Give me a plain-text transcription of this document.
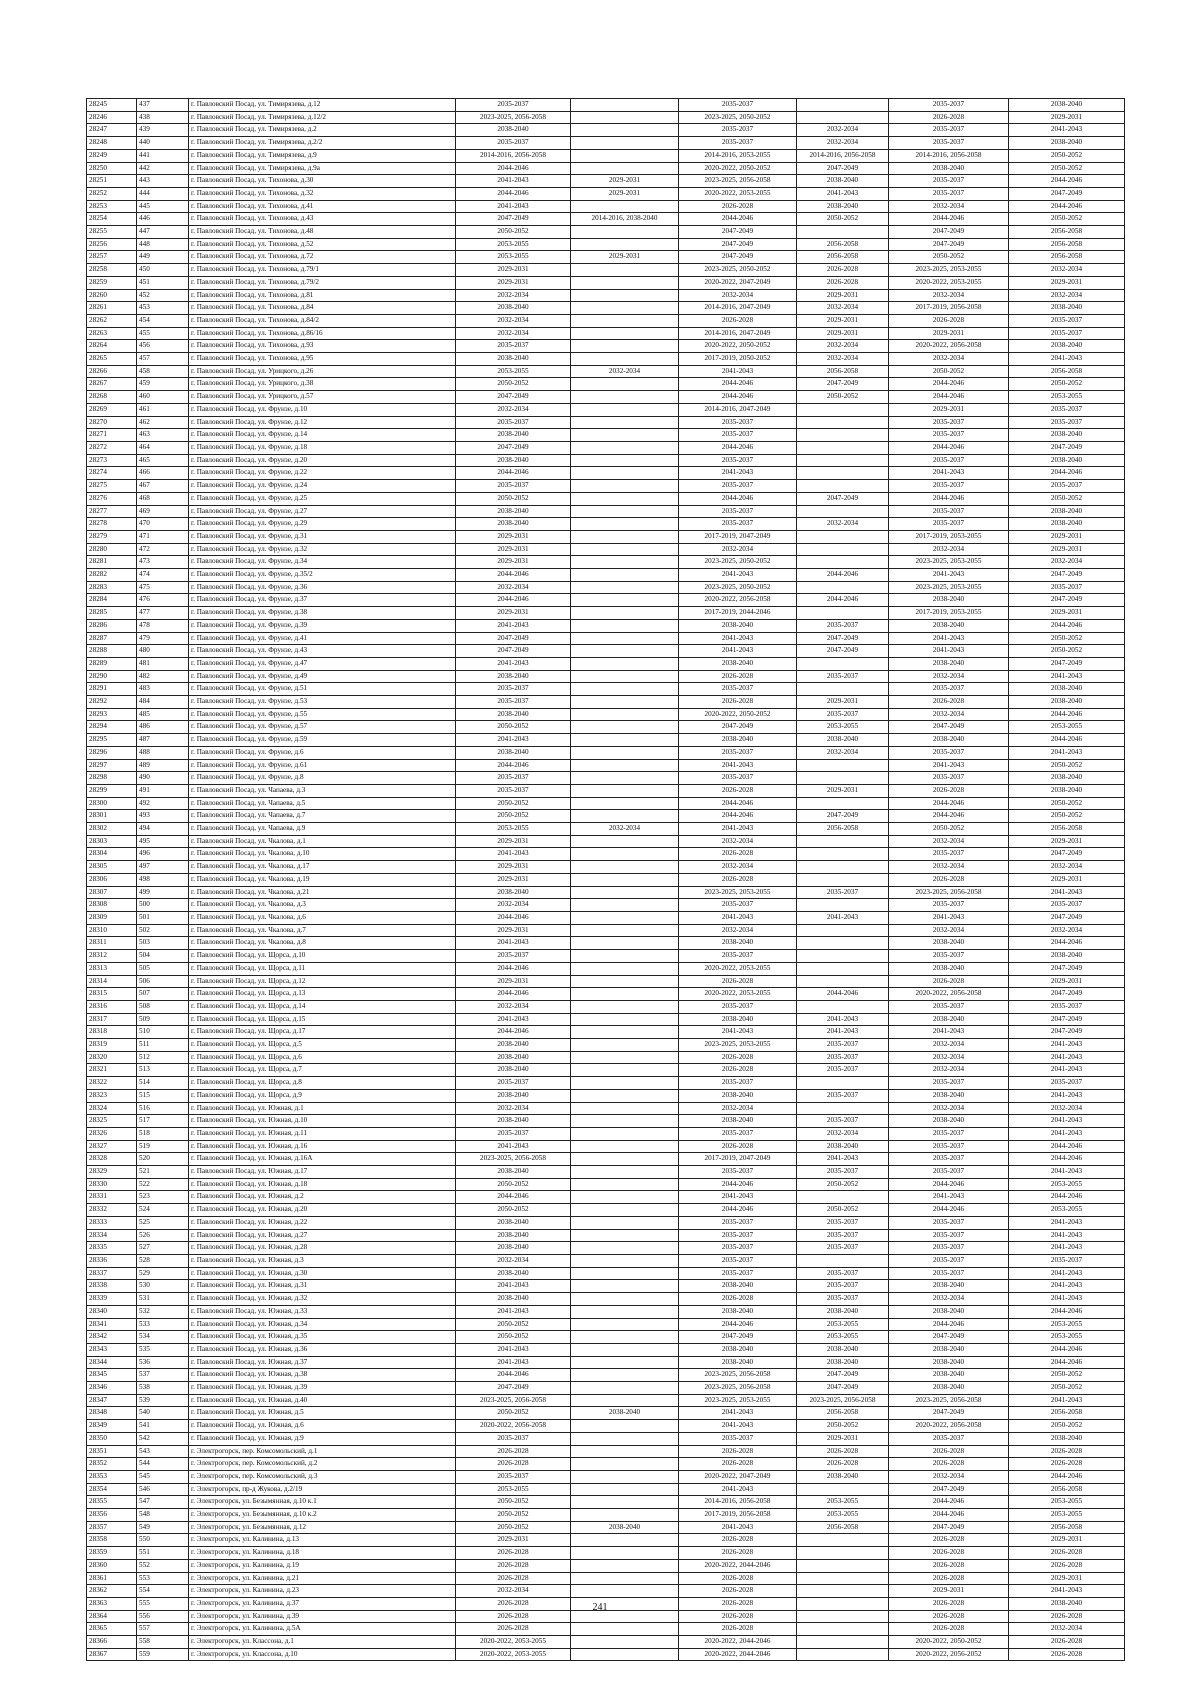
28245	437	г. Павловский Посад, ул. Тимирязева, д.12	2035-2037		2035-2037		2035-2037	2038-2040
28246	438	г. Павловский Посад, ул. Тимирязева, д.12/2	2023-2025, 2056-2058		2023-2025, 2050-2052		2026-2028	2029-2031
28247	439	г. Павловский Посад, ул. Тимирязева, д.2	2038-2040		2035-2037	2032-2034	2035-2037	2041-2043
28248	440	г. Павловский Посад, ул. Тимирязева, д.2/2	2035-2037		2035-2037	2032-2034	2035-2037	2038-2040
28249	441	г. Павловский Посад, ул. Тимирязева, д.9	2014-2016, 2056-2058		2014-2016, 2053-2055	2014-2016, 2056-2058	2014-2016, 2056-2058	2050-2052
28250	442	г. Павловский Посад, ул. Тимирязева, д.9а	2044-2046		2020-2022, 2050-2052	2047-2049	2038-2040	2050-2052
28251	443	г. Павловский Посад, ул. Тихонова, д.30	2041-2043	2029-2031	2023-2025, 2056-2058	2038-2040	2035-2037	2044-2046
28252	444	г. Павловский Посад, ул. Тихонова, д.32	2044-2046	2029-2031	2020-2022, 2053-2055	2041-2043	2035-2037	2047-2049
28253	445	г. Павловский Посад, ул. Тихонова, д.41	2041-2043		2026-2028	2038-2040	2032-2034	2044-2046
28254	446	г. Павловский Посад, ул. Тихонова, д.43	2047-2049	2014-2016, 2038-2040	2044-2046	2050-2052	2044-2046	2050-2052
28255	447	г. Павловский Посад, ул. Тихонова, д.48	2050-2052		2047-2049		2047-2049	2056-2058
28256	448	г. Павловский Посад, ул. Тихонова, д.52	2053-2055		2047-2049	2056-2058	2047-2049	2056-2058
28257	449	г. Павловский Посад, ул. Тихонова, д.72	2053-2055	2029-2031	2047-2049	2056-2058	2050-2052	2056-2058
28258	450	г. Павловский Посад, ул. Тихонова, д.79/1	2029-2031		2023-2025, 2050-2052	2026-2028	2023-2025, 2053-2055	2032-2034
28259	451	г. Павловский Посад, ул. Тихонова, д.79/2	2029-2031		2020-2022, 2047-2049	2026-2028	2020-2022, 2053-2055	2029-2031
28260	452	г. Павловский Посад, ул. Тихонова, д.81	2032-2034		2032-2034	2029-2031	2032-2034	2032-2034
28261	453	г. Павловский Посад, ул. Тихонова, д.84	2038-2040		2014-2016, 2047-2049	2032-2034	2017-2019, 2056-2058	2038-2040
28262	454	г. Павловский Посад, ул. Тихонова, д.84/2	2032-2034		2026-2028	2029-2031	2026-2028	2035-2037
28263	455	г. Павловский Посад, ул. Тихонова, д.86/16	2032-2034		2014-2016, 2047-2049	2029-2031	2029-2031	2035-2037
28264	456	г. Павловский Посад, ул. Тихонова, д.93	2035-2037		2020-2022, 2050-2052	2032-2034	2020-2022, 2056-2058	2038-2040
28265	457	г. Павловский Посад, ул. Тихонова, д.95	2038-2040		2017-2019, 2050-2052	2032-2034	2032-2034	2041-2043
28266	458	г. Павловский Посад, ул. Урицкого, д.26	2053-2055	2032-2034	2041-2043	2056-2058	2050-2052	2056-2058
28267	459	г. Павловский Посад, ул. Урицкого, д.38	2050-2052		2044-2046	2047-2049	2044-2046	2050-2052
28268	460	г. Павловский Посад, ул. Урицкого, д.57	2047-2049		2044-2046	2050-2052	2044-2046	2053-2055
28269	461	г. Павловский Посад, ул. Фрунзе, д.10	2032-2034		2014-2016, 2047-2049		2029-2031	2035-2037
28270	462	г. Павловский Посад, ул. Фрунзе, д.12	2035-2037		2035-2037		2035-2037	2035-2037
28271	463	г. Павловский Посад, ул. Фрунзе, д.14	2038-2040		2035-2037		2035-2037	2038-2040
28272	464	г. Павловский Посад, ул. Фрунзе, д.18	2047-2049		2044-2046		2044-2046	2047-2049
28273	465	г. Павловский Посад, ул. Фрунзе, д.20	2038-2040		2035-2037		2035-2037	2038-2040
28274	466	г. Павловский Посад, ул. Фрунзе, д.22	2044-2046		2041-2043		2041-2043	2044-2046
28275	467	г. Павловский Посад, ул. Фрунзе, д.24	2035-2037		2035-2037		2035-2037	2035-2037
28276	468	г. Павловский Посад, ул. Фрунзе, д.25	2050-2052		2044-2046	2047-2049	2044-2046	2050-2052
28277	469	г. Павловский Посад, ул. Фрунзе, д.27	2038-2040		2035-2037		2035-2037	2038-2040
28278	470	г. Павловский Посад, ул. Фрунзе, д.29	2038-2040		2035-2037	2032-2034	2035-2037	2038-2040
28279	471	г. Павловский Посад, ул. Фрунзе, д.31	2029-2031		2017-2019, 2047-2049		2017-2019, 2053-2055	2029-2031
28280	472	г. Павловский Посад, ул. Фрунзе, д.32	2029-2031		2032-2034		2032-2034	2029-2031
28281	473	г. Павловский Посад, ул. Фрунзе, д.34	2029-2031		2023-2025, 2050-2052		2023-2025, 2053-2055	2032-2034
28282	474	г. Павловский Посад, ул. Фрунзе, д.35/2	2044-2046		2041-2043	2044-2046	2041-2043	2047-2049
28283	475	г. Павловский Посад, ул. Фрунзе, д.36	2032-2034		2023-2025, 2050-2052		2023-2025, 2053-2055	2035-2037
28284	476	г. Павловский Посад, ул. Фрунзе, д.37	2044-2046		2020-2022, 2056-2058	2044-2046	2038-2040	2047-2049
28285	477	г. Павловский Посад, ул. Фрунзе, д.38	2029-2031		2017-2019, 2044-2046		2017-2019, 2053-2055	2029-2031
28286	478	г. Павловский Посад, ул. Фрунзе, д.39	2041-2043		2038-2040	2035-2037	2038-2040	2044-2046
28287	479	г. Павловский Посад, ул. Фрунзе, д.41	2047-2049		2041-2043	2047-2049	2041-2043	2050-2052
28288	480	г. Павловский Посад, ул. Фрунзе, д.43	2047-2049		2041-2043	2047-2049	2041-2043	2050-2052
28289	481	г. Павловский Посад, ул. Фрунзе, д.47	2041-2043		2038-2040		2038-2040	2047-2049
28290	482	г. Павловский Посад, ул. Фрунзе, д.49	2038-2040		2026-2028	2035-2037	2032-2034	2041-2043
28291	483	г. Павловский Посад, ул. Фрунзе, д.51	2035-2037		2035-2037		2035-2037	2038-2040
28292	484	г. Павловский Посад, ул. Фрунзе, д.53	2035-2037		2026-2028	2029-2031	2026-2028	2038-2040
28293	485	г. Павловский Посад, ул. Фрунзе, д.55	2038-2040		2020-2022, 2050-2052	2035-2037	2032-2034	2044-2046
28294	486	г. Павловский Посад, ул. Фрунзе, д.57	2050-2052		2047-2049	2053-2055	2047-2049	2053-2055
28295	487	г. Павловский Посад, ул. Фрунзе, д.59	2041-2043		2038-2040	2038-2040	2038-2040	2044-2046
28296	488	г. Павловский Посад, ул. Фрунзе, д.6	2038-2040		2035-2037	2032-2034	2035-2037	2041-2043
28297	489	г. Павловский Посад, ул. Фрунзе, д.61	2044-2046		2041-2043		2041-2043	2050-2052
28298	490	г. Павловский Посад, ул. Фрунзе, д.8	2035-2037		2035-2037		2035-2037	2038-2040
28299	491	г. Павловский Посад, ул. Чапаева, д.3	2035-2037		2026-2028	2029-2031	2026-2028	2038-2040
28300	492	г. Павловский Посад, ул. Чапаева, д.5	2050-2052		2044-2046		2044-2046	2050-2052
28301	493	г. Павловский Посад, ул. Чапаева, д.7	2050-2052		2044-2046	2047-2049	2044-2046	2050-2052
28302	494	г. Павловский Посад, ул. Чапаева, д.9	2053-2055	2032-2034	2041-2043	2056-2058	2050-2052	2056-2058
28303	495	г. Павловский Посад, ул. Чкалова, д.1	2029-2031		2032-2034		2032-2034	2029-2031
28304	496	г. Павловский Посад, ул. Чкалова, д.10	2041-2043		2026-2028		2035-2037	2047-2049
28305	497	г. Павловский Посад, ул. Чкалова, д.17	2029-2031		2032-2034		2032-2034	2032-2034
28306	498	г. Павловский Посад, ул. Чкалова, д.19	2029-2031		2026-2028		2026-2028	2029-2031
28307	499	г. Павловский Посад, ул. Чкалова, д.21	2038-2040		2023-2025, 2053-2055	2035-2037	2023-2025, 2056-2058	2041-2043
28308	500	г. Павловский Посад, ул. Чкалова, д.3	2032-2034		2035-2037		2035-2037	2035-2037
28309	501	г. Павловский Посад, ул. Чкалова, д.6	2044-2046		2041-2043	2041-2043	2041-2043	2047-2049
28310	502	г. Павловский Посад, ул. Чкалова, д.7	2029-2031		2032-2034		2032-2034	2032-2034
28311	503	г. Павловский Посад, ул. Чкалова, д.8	2041-2043		2038-2040		2038-2040	2044-2046
28312	504	г. Павловский Посад, ул. Щорса, д.10	2035-2037		2035-2037		2035-2037	2038-2040
28313	505	г. Павловский Посад, ул. Щорса, д.11	2044-2046		2020-2022, 2053-2055		2038-2040	2047-2049
28314	506	г. Павловский Посад, ул. Щорса, д.12	2029-2031		2026-2028		2026-2028	2029-2031
28315	507	г. Павловский Посад, ул. Щорса, д.13	2044-2046		2020-2022, 2053-2055	2044-2046	2020-2022, 2056-2058	2047-2049
28316	508	г. Павловский Посад, ул. Щорса, д.14	2032-2034		2035-2037		2035-2037	2035-2037
28317	509	г. Павловский Посад, ул. Щорса, д.15	2041-2043		2038-2040	2041-2043	2038-2040	2047-2049
28318	510	г. Павловский Посад, ул. Щорса, д.17	2044-2046		2041-2043	2041-2043	2041-2043	2047-2049
28319	511	г. Павловский Посад, ул. Щорса, д.5	2038-2040		2023-2025, 2053-2055	2035-2037	2032-2034	2041-2043
28320	512	г. Павловский Посад, ул. Щорса, д.6	2038-2040		2026-2028	2035-2037	2032-2034	2041-2043
28321	513	г. Павловский Посад, ул. Щорса, д.7	2038-2040		2026-2028	2035-2037	2032-2034	2041-2043
28322	514	г. Павловский Посад, ул. Щорса, д.8	2035-2037		2035-2037		2035-2037	2035-2037
28323	515	г. Павловский Посад, ул. Щорса, д.9	2038-2040		2038-2040	2035-2037	2038-2040	2041-2043
28324	516	г. Павловский Посад, ул. Южная, д.1	2032-2034		2032-2034		2032-2034	2032-2034
28325	517	г. Павловский Посад, ул. Южная, д.10	2038-2040		2038-2040	2035-2037	2038-2040	2041-2043
28326	518	г. Павловский Посад, ул. Южная, д.11	2035-2037		2035-2037	2032-2034	2035-2037	2041-2043
28327	519	г. Павловский Посад, ул. Южная, д.16	2041-2043		2026-2028	2038-2040	2035-2037	2044-2046
28328	520	г. Павловский Посад, ул. Южная, д.16А	2023-2025, 2056-2058		2017-2019, 2047-2049	2041-2043	2035-2037	2044-2046
28329	521	г. Павловский Посад, ул. Южная, д.17	2038-2040		2035-2037	2035-2037	2035-2037	2041-2043
28330	522	г. Павловский Посад, ул. Южная, д.18	2050-2052		2044-2046	2050-2052	2044-2046	2053-2055
28331	523	г. Павловский Посад, ул. Южная, д.2	2044-2046		2041-2043		2041-2043	2044-2046
28332	524	г. Павловский Посад, ул. Южная, д.20	2050-2052		2044-2046	2050-2052	2044-2046	2053-2055
28333	525	г. Павловский Посад, ул. Южная, д.22	2038-2040		2035-2037	2035-2037	2035-2037	2041-2043
28334	526	г. Павловский Посад, ул. Южная, д.27	2038-2040		2035-2037	2035-2037	2035-2037	2041-2043
28335	527	г. Павловский Посад, ул. Южная, д.28	2038-2040		2035-2037	2035-2037	2035-2037	2041-2043
28336	528	г. Павловский Посад, ул. Южная, д.3	2032-2034		2035-2037		2035-2037	2035-2037
28337	529	г. Павловский Посад, ул. Южная, д.30	2038-2040		2035-2037	2035-2037	2035-2037	2041-2043
28338	530	г. Павловский Посад, ул. Южная, д.31	2041-2043		2038-2040	2035-2037	2038-2040	2041-2043
28339	531	г. Павловский Посад, ул. Южная, д.32	2038-2040		2026-2028	2035-2037	2032-2034	2041-2043
28340	532	г. Павловский Посад, ул. Южная, д.33	2041-2043		2038-2040	2038-2040	2038-2040	2044-2046
28341	533	г. Павловский Посад, ул. Южная, д.34	2050-2052		2044-2046	2053-2055	2044-2046	2053-2055
28342	534	г. Павловский Посад, ул. Южная, д.35	2050-2052		2047-2049	2053-2055	2047-2049	2053-2055
28343	535	г. Павловский Посад, ул. Южная, д.36	2041-2043		2038-2040	2038-2040	2038-2040	2044-2046
28344	536	г. Павловский Посад, ул. Южная, д.37	2041-2043		2038-2040	2038-2040	2038-2040	2044-2046
28345	537	г. Павловский Посад, ул. Южная, д.38	2044-2046		2023-2025, 2056-2058	2047-2049	2038-2040	2050-2052
28346	538	г. Павловский Посад, ул. Южная, д.39	2047-2049		2023-2025, 2056-2058	2047-2049	2038-2040	2050-2052
28347	539	г. Павловский Посад, ул. Южная, д.40	2023-2025, 2056-2058		2023-2025, 2053-2055	2023-2025, 2056-2058	2023-2025, 2056-2058	2041-2043
28348	540	г. Павловский Посад, ул. Южная, д.5	2050-2052	2038-2040	2041-2043	2056-2058	2047-2049	2056-2058
28349	541	г. Павловский Посад, ул. Южная, д.6	2020-2022, 2056-2058		2041-2043	2050-2052	2020-2022, 2056-2058	2050-2052
28350	542	г. Павловский Посад, ул. Южная, д.9	2035-2037		2035-2037	2029-2031	2035-2037	2038-2040
28351	543	г. Электрогорск, пер. Комсомольский, д.1	2026-2028		2026-2028	2026-2028	2026-2028	2026-2028
28352	544	г. Электрогорск, пер. Комсомольский, д.2	2026-2028		2026-2028	2026-2028	2026-2028	2026-2028
28353	545	г. Электрогорск, пер. Комсомольский, д.3	2035-2037		2020-2022, 2047-2049	2038-2040	2032-2034	2044-2046
28354	546	г. Электрогорск, пр-д Жукова, д.2/19	2053-2055		2041-2043		2047-2049	2056-2058
28355	547	г. Электрогорск, ул. Безымянная, д.10 к.1	2050-2052		2014-2016, 2056-2058	2053-2055	2044-2046	2053-2055
28356	548	г. Электрогорск, ул. Безымянная, д.10 к.2	2050-2052		2017-2019, 2056-2058	2053-2055	2044-2046	2053-2055
28357	549	г. Электрогорск, ул. Безымянная, д.12	2050-2052	2038-2040	2041-2043	2056-2058	2047-2049	2056-2058
28358	550	г. Электрогорск, ул. Калинина, д.13	2029-2031		2026-2028		2026-2028	2029-2031
28359	551	г. Электрогорск, ул. Калинина, д.18	2026-2028		2026-2028		2026-2028	2026-2028
28360	552	г. Электрогорск, ул. Калинина, д.19	2026-2028		2020-2022, 2044-2046		2026-2028	2026-2028
28361	553	г. Электрогорск, ул. Калинина, д.21	2026-2028		2026-2028		2026-2028	2029-2031
28362	554	г. Электрогорск, ул. Калинина, д.23	2032-2034		2026-2028		2029-2031	2041-2043
28363	555	г. Электрогорск, ул. Калинина, д.37	2026-2028		2026-2028		2026-2028	2038-2040
28364	556	г. Электрогорск, ул. Калинина, д.39	2026-2028		2026-2028		2026-2028	2026-2028
28365	557	г. Электрогорск, ул. Калинина, д.5А	2026-2028		2026-2028		2026-2028	2032-2034
28366	558	г. Электрогорск, ул. Классона, д.1	2020-2022, 2053-2055		2020-2022, 2044-2046		2020-2022, 2050-2052	2026-2028
28367	559	г. Электрогорск, ул. Классона, д.10	2020-2022, 2053-2055		2020-2022, 2044-2046		2020-2022, 2056-2052	2026-2028
241
